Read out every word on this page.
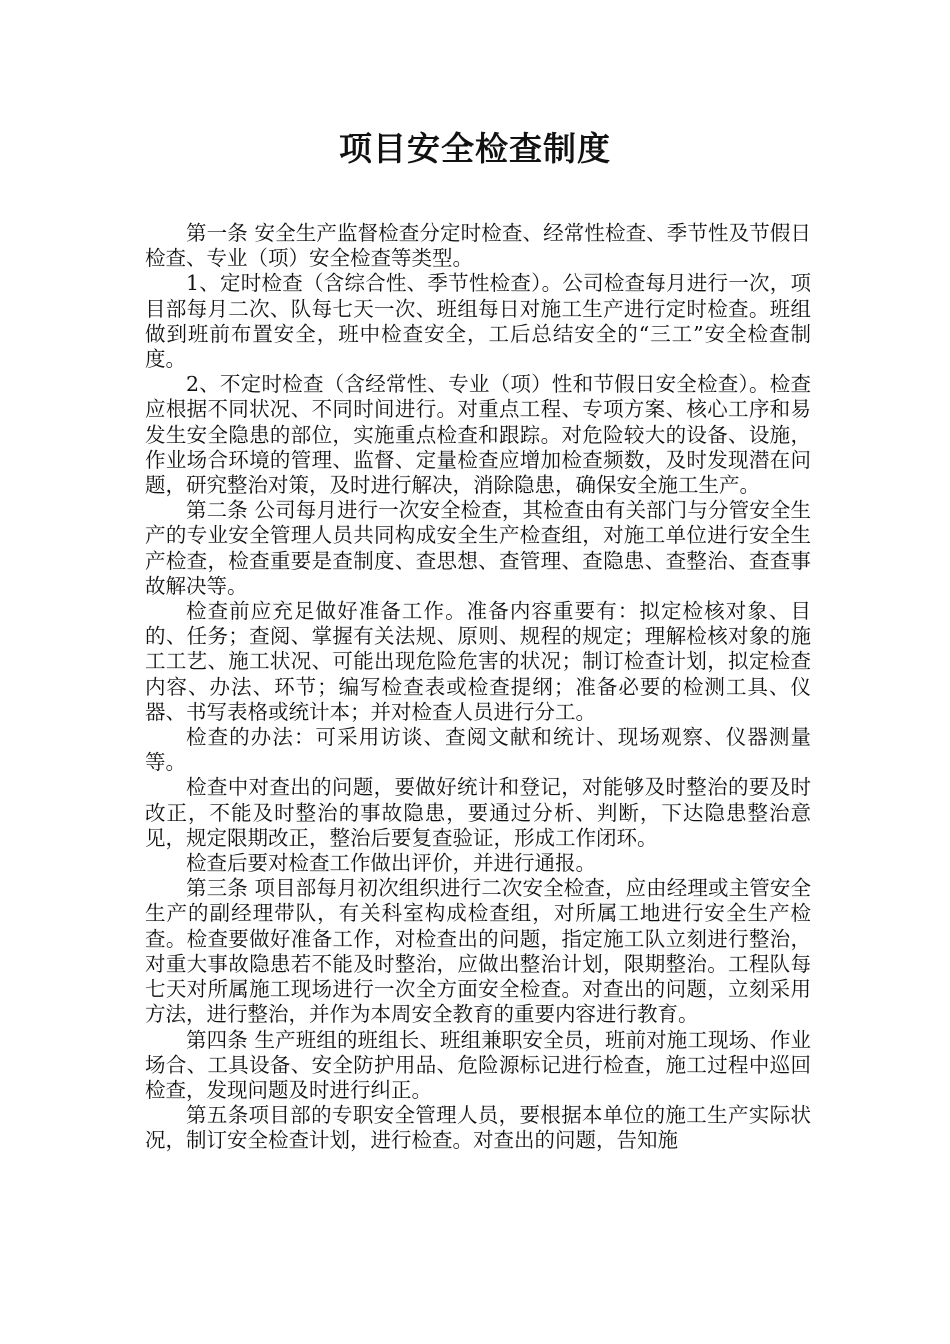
项目安全检查制度

第一条 安全生产监督检查分定时检查、经常性检查、季节性及节假日检查、专业（项）安全检查等类型。

1、定时检查（含综合性、季节性检查）。公司检查每月进行一次，项目部每月二次、队每七天一次、班组每日对施工生产进行定时检查。班组做到班前布置安全，班中检查安全，工后总结安全的“三工”安全检查制度。

2、不定时检查（含经常性、专业（项）性和节假日安全检查）。检查应根据不同状况、不同时间进行。对重点工程、专项方案、核心工序和易发生安全隐患的部位，实施重点检查和跟踪。对危险较大的设备、设施，作业场合环境的管理、监督、定量检查应增加检查频数，及时发现潜在问题，研究整治对策，及时进行解决，消除隐患，确保安全施工生产。

第二条 公司每月进行一次安全检查，其检查由有关部门与分管安全生产的专业安全管理人员共同构成安全生产检查组，对施工单位进行安全生产检查，检查重要是查制度、查思想、查管理、查隐患、查整治、查查事故解决等。

检查前应充足做好准备工作。准备内容重要有：拟定检核对象、目的、任务；查阅、掌握有关法规、原则、规程的规定；理解检核对象的施工工艺、施工状况、可能出现危险危害的状况；制订检查计划，拟定检查内容、办法、环节；编写检查表或检查提纲；准备必要的检测工具、仪器、书写表格或统计本；并对检查人员进行分工。

检查的办法：可采用访谈、查阅文献和统计、现场观察、仪器测量等。

检查中对查出的问题，要做好统计和登记，对能够及时整治的要及时改正，不能及时整治的事故隐患，要通过分析、判断，下达隐患整治意见，规定限期改正，整治后要复查验证，形成工作闭环。

检查后要对检查工作做出评价，并进行通报。

第三条 项目部每月初次组织进行二次安全检查，应由经理或主管安全生产的副经理带队，有关科室构成检查组，对所属工地进行安全生产检查。检查要做好准备工作，对检查出的问题，指定施工队立刻进行整治，对重大事故隐患若不能及时整治，应做出整治计划，限期整治。工程队每七天对所属施工现场进行一次全方面安全检查。对查出的问题，立刻采用方法，进行整治，并作为本周安全教育的重要内容进行教育。

第四条 生产班组的班组长、班组兼职安全员，班前对施工现场、作业场合、工具设备、安全防护用品、危险源标记进行检查，施工过程中巡回检查，发现问题及时进行纠正。

第五条项目部的专职安全管理人员，要根据本单位的施工生产实际状况，制订安全检查计划，进行检查。对查出的问题，告知施
